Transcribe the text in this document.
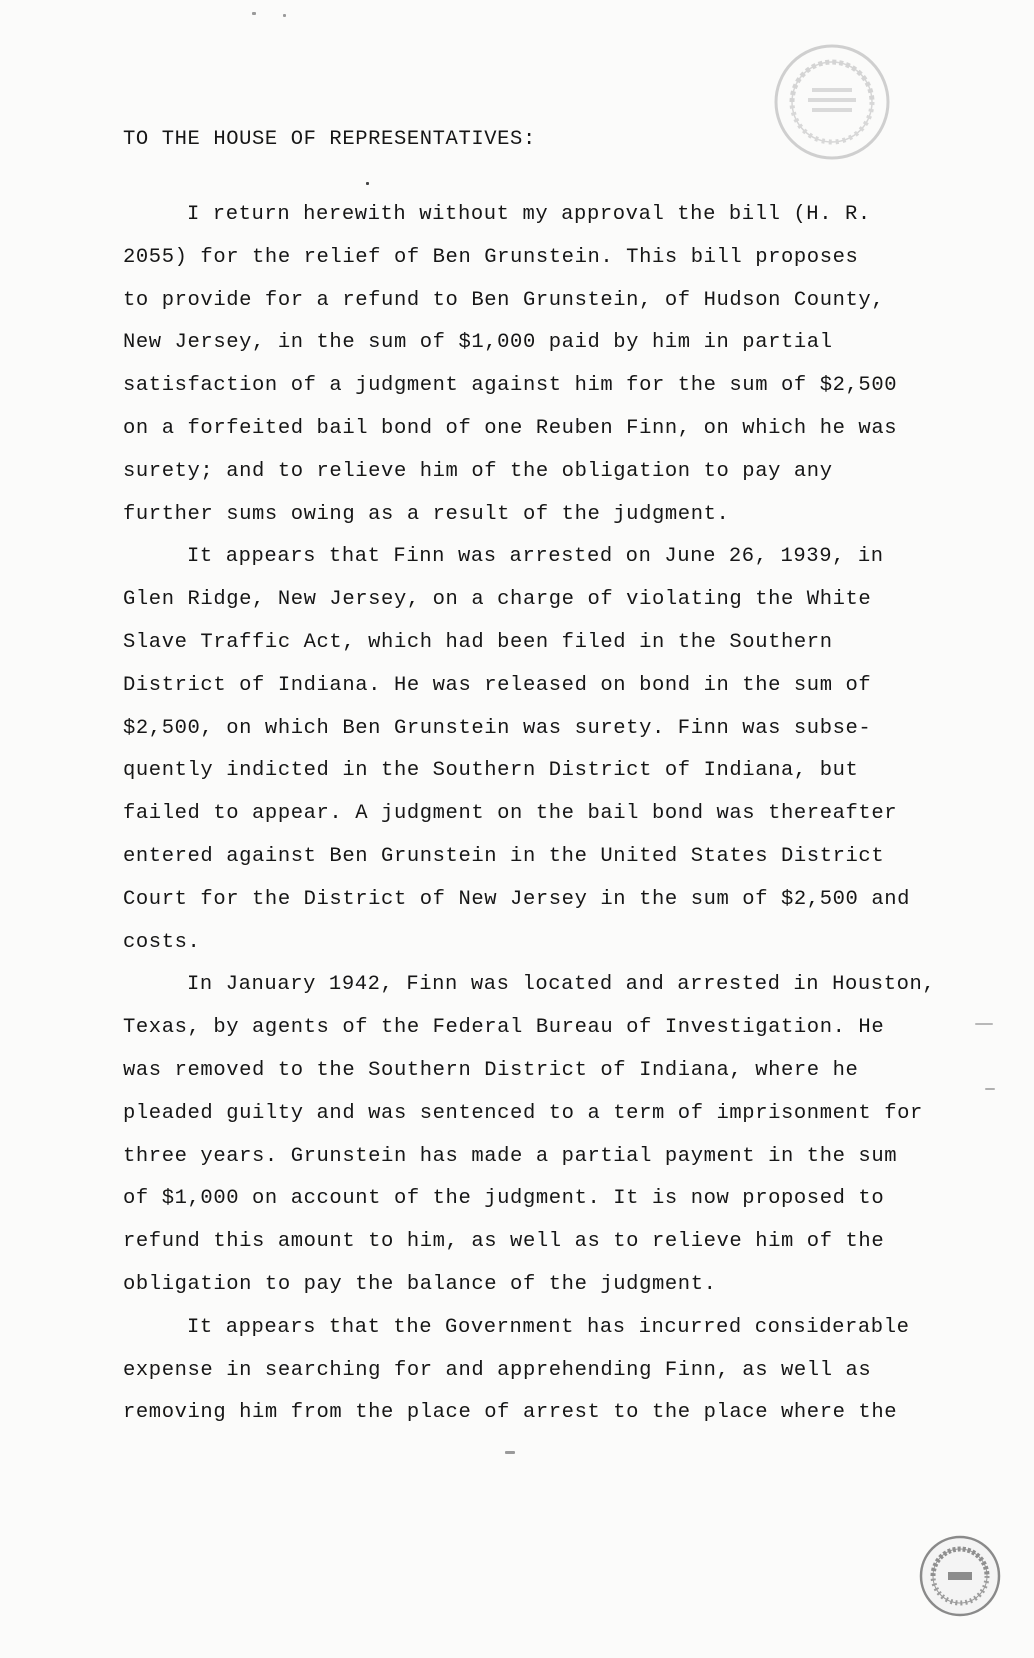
TO THE HOUSE OF REPRESENTATIVES:
I return herewith without my approval the bill (H. R.
2055) for the relief of Ben Grunstein. This bill proposes
to provide for a refund to Ben Grunstein, of Hudson County,
New Jersey, in the sum of $1,000 paid by him in partial
satisfaction of a judgment against him for the sum of $2,500
on a forfeited bail bond of one Reuben Finn, on which he was
surety; and to relieve him of the obligation to pay any
further sums owing as a result of the judgment.
It appears that Finn was arrested on June 26, 1939, in
Glen Ridge, New Jersey, on a charge of violating the White
Slave Traffic Act, which had been filed in the Southern
District of Indiana. He was released on bond in the sum of
$2,500, on which Ben Grunstein was surety. Finn was subse-
quently indicted in the Southern District of Indiana, but
failed to appear. A judgment on the bail bond was thereafter
entered against Ben Grunstein in the United States District
Court for the District of New Jersey in the sum of $2,500 and
costs.
In January 1942, Finn was located and arrested in Houston,
Texas, by agents of the Federal Bureau of Investigation. He
was removed to the Southern District of Indiana, where he
pleaded guilty and was sentenced to a term of imprisonment for
three years. Grunstein has made a partial payment in the sum
of $1,000 on account of the judgment. It is now proposed to
refund this amount to him, as well as to relieve him of the
obligation to pay the balance of the judgment.
It appears that the Government has incurred considerable
expense in searching for and apprehending Finn, as well as
removing him from the place of arrest to the place where the
